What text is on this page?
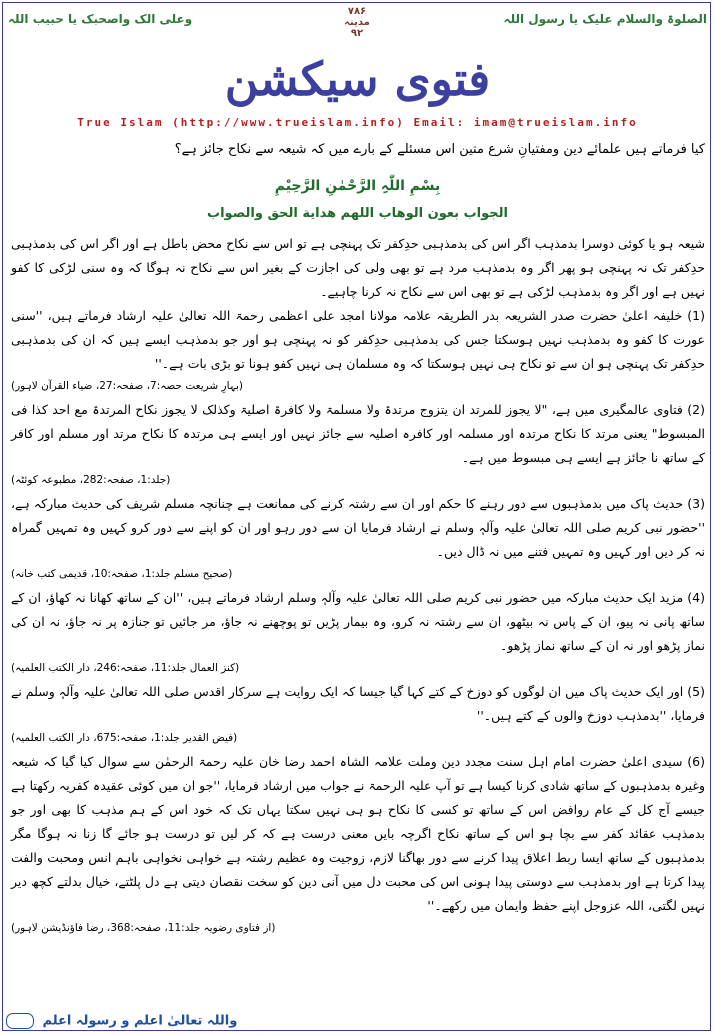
وعلی الک واصحبک یا حبیب اللہ
۷۸۶
مدینہ
۹۲
الصلوۃ والسلام علیک یا رسول اللہ
فتوی سیکشن
True Islam (http://www.trueislam.info) Email: imam@trueislam.info
کیا فرماتے ہیں علمائے دین ومفتیانِ شرع متین اس مسئلے کے بارے میں کہ شیعہ سے نکاح جائز ہے؟
بِسْمِ اللّٰہِ الرَّحْمٰنِ الرَّحِیْمِ
الجواب بعون الوهاب اللهم هداية الحق والصواب

شیعہ ہو یا کوئی دوسرا بدمذہب اگر اس کی بدمذہبی حدِکفر تک پہنچی ہے تو اس سے نکاح محض باطل ہے اور اگر اس کی بدمذہبی حدِکفر تک نہ پہنچی ہو پھر اگر وہ بدمذہب مرد ہے تو بھی ولی کی اجازت کے بغیر اس سے نکاح نہ ہوگا کہ وہ سنی لڑکی کا کفو نہیں ہے اور اگر وہ بدمذہب لڑکی ہے تو بھی اس سے نکاح نہ کرنا چاہیے۔

(1) خلیفہ اعلیٰ حضرت صدر الشریعہ بدر الطریقہ علامہ مولانا امجد علی اعظمی رحمۃ اللہ تعالیٰ علیہ ارشاد فرماتے ہیں، ''سنی عورت کا کفو وہ بدمذہب نہیں ہوسکتا جس کی بدمذہبی حدِکفر کو نہ پہنچی ہو اور جو بدمذہب ایسے ہیں کہ ان کی بدمذہبی حدِکفر تک پہنچی ہو ان سے تو نکاح ہی نہیں ہوسکتا کہ وہ مسلمان ہی نہیں کفو ہونا تو بڑی بات ہے۔''

(بہارِ شریعت حصہ:7، صفحہ:27، ضیاء القرآن لاہور)

(2) فتاوی عالمگیری میں ہے، "لا یجوز للمرتد ان یتزوج مرتدۃ ولا مسلمۃ ولا کافرۃ اصلیۃ وکذلک لا یجوز نکاح المرتدۃ مع احد کذا فی المبسوط" یعنی مرتد کا نکاح مرتدہ اور مسلمہ اور کافرہ اصلیہ سے جائز نہیں اور ایسے ہی مرتدہ کا نکاح مرتد اور مسلم اور کافر کے ساتھ نا جائز ہے ایسے ہی مبسوط میں ہے۔

(جلد:1، صفحہ:282، مطبوعہ کوئٹہ)

(3) حدیث پاک میں بدمذہبوں سے دور رہنے کا حکم اور ان سے رشتہ کرنے کی ممانعت ہے چنانچہ مسلم شریف کی حدیث مبارکہ ہے، ''حضور نبی کریم صلی اللہ تعالیٰ علیہ وآلہٖ وسلم نے ارشاد فرمایا ان سے دور رہو اور ان کو اپنے سے دور کرو کہیں وہ تمہیں گمراہ نہ کر دیں اور کہیں وہ تمہیں فتنے میں نہ ڈال دیں۔

(صحیح مسلم جلد:1، صفحہ:10، قدیمی کتب خانہ)

(4) مزید ایک حدیث مبارکہ میں حضور نبی کریم صلی اللہ تعالیٰ علیہ وآلہٖ وسلم ارشاد فرماتے ہیں، ''ان کے ساتھ کھانا نہ کھاؤ، ان کے ساتھ پانی نہ پیو، ان کے پاس نہ بیٹھو، ان سے رشتہ نہ کرو، وہ بیمار پڑیں تو پوچھنے نہ جاؤ، مر جائیں تو جنازہ پر نہ جاؤ، نہ ان کی نماز پڑھو اور نہ ان کے ساتھ نماز پڑھو۔

(کنز العمال جلد:11، صفحہ:246، دار الکتب العلمیہ)

(5) اور ایک حدیث پاک میں ان لوگوں کو دوزخ کے کتے کہا گیا جیسا کہ ایک روایت ہے سرکار اقدس صلی اللہ تعالیٰ علیہ وآلہٖ وسلم نے فرمایا، ''بدمذہب دوزخ والوں کے کتے ہیں۔''

(فیض القدیر جلد:1، صفحہ:675، دار الکتب العلمیہ)

(6) سیدی اعلیٰ حضرت امام اہل سنت مجدد دین وملت علامہ الشاہ احمد رضا خان علیہ رحمۃ الرحمٰن سے سوال کیا گیا کہ شیعہ وغیرہ بدمذہبوں کے ساتھ شادی کرنا کیسا ہے تو آپ علیہ الرحمۃ نے جواب میں ارشاد فرمایا، ''جو ان میں کوئی عقیدہ کفریہ رکھتا ہے جیسے آج کل کے عام روافض اس کے ساتھ تو کسی کا نکاح ہو ہی نہیں سکتا یہاں تک کہ خود اس کے ہم مذہب کا بھی اور جو بدمذہب عقائد کفر سے بچا ہو اس کے ساتھ نکاح اگرچہ بایں معنی درست ہے کہ کر لیں تو درست ہو جائے گا زنا نہ ہوگا مگر بدمذہبوں کے ساتھ ایسا ربط اعلاق پیدا کرنے سے دور بھاگنا لازم، زوجیت وہ عظیم رشتہ ہے خواہی نخواہی باہم انس ومحبت والفت پیدا کرتا ہے اور بدمذہب سے دوستی پیدا ہونی اس کی محبت دل میں آنی دین کو سخت نقصان دیتی ہے دل پلٹتے، خیال بدلتے کچھ دیر نہیں لگتی، اللہ عزوجل اپنے حفظ وایمان میں رکھے۔''

(از فتاوی رضویہ جلد:11، صفحہ:368، رضا فاؤنڈیشن لاہور)
واللہ تعالیٰ اعلم و رسولہ اعلم
